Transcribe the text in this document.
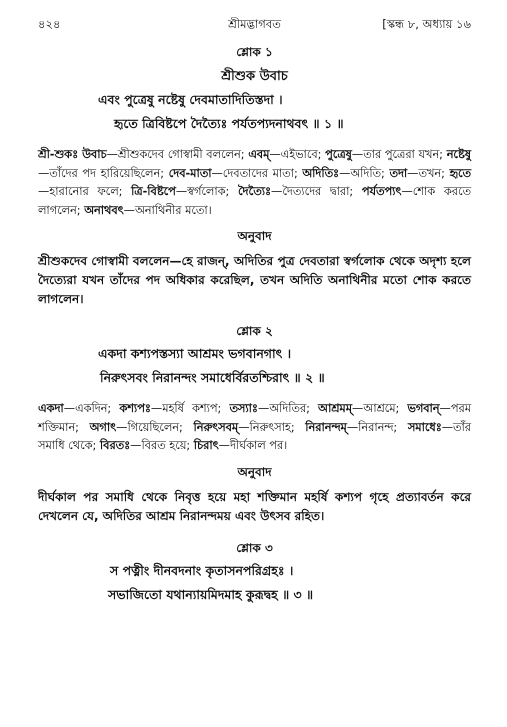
৪২৪	শ্রীমদ্ভাগবত	[স্কন্ধ ৮, অধ্যায় ১৬
শ্লোক ১
শ্রীশুক উবাচ
এবং পুত্রেষু নষ্টেষু দেবমাতাদিতিস্তদা ।
হৃতে ত্রিবিষ্টপে দৈত্যৈঃ পর্যতপ্যদনাথবৎ ॥ ১ ॥
শ্রী-শুকঃ উবাচ—শ্রীশুকদেব গোস্বামী বললেন; এবম্—এইভাবে; পুত্রেষু—তার পুত্রেরা যখন; নষ্টেষু—তাঁদের পদ হারিয়েছিলেন; দেব-মাতা—দেবতাদের মাতা; অদিতিঃ—অদিতি; তদা—তখন; হৃতে—হারানোর ফলে; ত্রি-বিষ্টপে—স্বর্গলোক; দৈত্যৈঃ—দৈত্যদের দ্বারা; পর্যতপ্যৎ—শোক করতে লাগলেন; অনাথবৎ—অনাথিনীর মতো।
অনুবাদ
শ্রীশুকদেব গোস্বামী বললেন—হে রাজন্‌, অদিতির পুত্র দেবতারা স্বর্গলোক থেকে অদৃশ্য হলে দৈত্যেরা যখন তাঁদের পদ অধিকার করেছিল, তখন অদিতি অনাথিনীর মতো শোক করতে লাগলেন।
শ্লোক ২
একদা কশ্যপস্তস্যা আশ্রমং ভগবানগাৎ ।
নিরুৎসবং নিরানন্দং সমাধের্বিরতশ্চিরাৎ ॥ ২ ॥
একদা—একদিন; কশ্যপঃ—মহর্ষি কশ্যপ; তস্যাঃ—অদিতির; আশ্রমম্—আশ্রমে; ভগবান্‌—পরম শক্তিমান; অগাৎ—গিয়েছিলেন; নিরুৎসবম্—নিরুৎসাহ; নিরানন্দম্—নিরানন্দ; সমাধেঃ—তাঁর সমাধি থেকে; বিরতঃ—বিরত হয়ে; চিরাৎ—দীর্ঘকাল পর।
অনুবাদ
দীর্ঘকাল পর সমাধি থেকে নিবৃত্ত হয়ে মহা শক্তিমান মহর্ষি কশ্যপ গৃহে প্রত্যাবর্তন করে দেখলেন যে, অদিতির আশ্রম নিরানন্দময় এবং উৎসব রহিত।
শ্লোক ৩
স পত্নীং দীনবদনাং কৃতাসনপরিগ্রহঃ ।
সভাজিতো যথান্যায়মিদমাহ কুরূদ্বহ ॥ ৩ ॥
